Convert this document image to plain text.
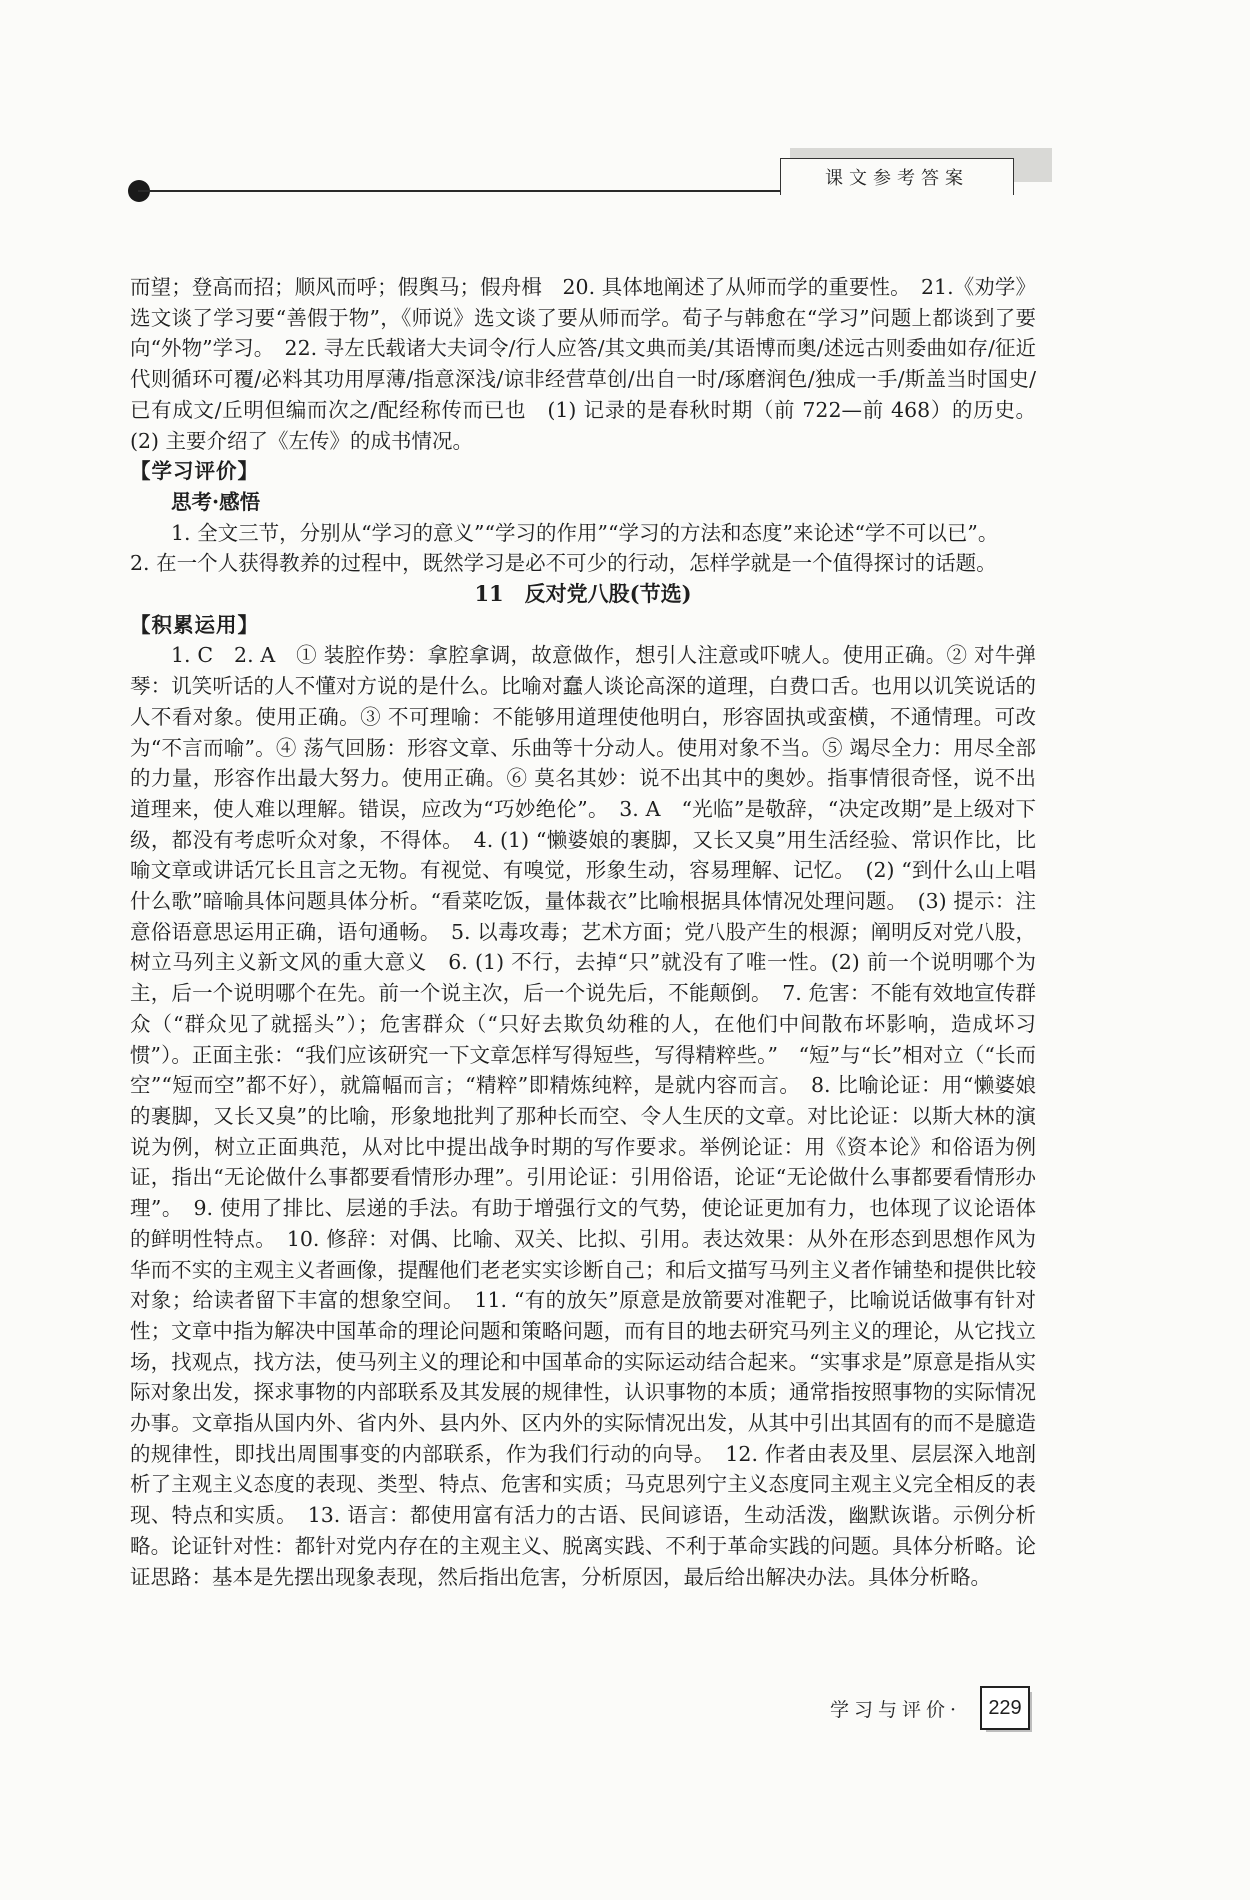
课文参考答案

而望；登高而招；顺风而呼；假舆马；假舟楫　20. 具体地阐述了从师而学的重要性。　21.《劝学》选文谈了学习要“善假于物”，《师说》选文谈了要从师而学。荀子与韩愈在“学习”问题上都谈到了要向“外物”学习。　22. 寻左氏载诸大夫词令/行人应答/其文典而美/其语博而奥/述远古则委曲如存/征近代则循环可覆/必料其功用厚薄/指意深浅/谅非经营草创/出自一时/琢磨润色/独成一手/斯盖当时国史/已有成文/丘明但编而次之/配经称传而已也　(1) 记录的是春秋时期（前 722—前 468）的历史。(2) 主要介绍了《左传》的成书情况。

【学习评价】

思考·感悟

1. 全文三节，分别从“学习的意义”“学习的作用”“学习的方法和态度”来论述“学不可以已”。

2. 在一个人获得教养的过程中，既然学习是必不可少的行动，怎样学就是一个值得探讨的话题。

11　反对党八股(节选)

【积累运用】

1. C　2. A　① 装腔作势：拿腔拿调，故意做作，想引人注意或吓唬人。使用正确。② 对牛弹琴：讥笑听话的人不懂对方说的是什么。比喻对蠢人谈论高深的道理，白费口舌。也用以讥笑说话的人不看对象。使用正确。③ 不可理喻：不能够用道理使他明白，形容固执或蛮横，不通情理。可改为“不言而喻”。④ 荡气回肠：形容文章、乐曲等十分动人。使用对象不当。⑤ 竭尽全力：用尽全部的力量，形容作出最大努力。使用正确。⑥ 莫名其妙：说不出其中的奥妙。指事情很奇怪，说不出道理来，使人难以理解。错误，应改为“巧妙绝伦”。　3. A　“光临”是敬辞，“决定改期”是上级对下级，都没有考虑听众对象，不得体。　4. (1) “懒婆娘的裹脚，又长又臭”用生活经验、常识作比，比喻文章或讲话冗长且言之无物。有视觉、有嗅觉，形象生动，容易理解、记忆。　(2) “到什么山上唱什么歌”暗喻具体问题具体分析。“看菜吃饭，量体裁衣”比喻根据具体情况处理问题。　(3) 提示：注意俗语意思运用正确，语句通畅。　5. 以毒攻毒；艺术方面；党八股产生的根源；阐明反对党八股，树立马列主义新文风的重大意义　6. (1) 不行，去掉“只”就没有了唯一性。(2) 前一个说明哪个为主，后一个说明哪个在先。前一个说主次，后一个说先后，不能颠倒。　7. 危害：不能有效地宣传群众（“群众见了就摇头”）；危害群众（“只好去欺负幼稚的人，在他们中间散布坏影响，造成坏习惯”）。正面主张：“我们应该研究一下文章怎样写得短些，写得精粹些。”　“短”与“长”相对立（“长而空”“短而空”都不好），就篇幅而言；“精粹”即精炼纯粹，是就内容而言。　8. 比喻论证：用“懒婆娘的裹脚，又长又臭”的比喻，形象地批判了那种长而空、令人生厌的文章。对比论证：以斯大林的演说为例，树立正面典范，从对比中提出战争时期的写作要求。举例论证：用《资本论》和俗语为例证，指出“无论做什么事都要看情形办理”。引用论证：引用俗语，论证“无论做什么事都要看情形办理”。　9. 使用了排比、层递的手法。有助于增强行文的气势，使论证更加有力，也体现了议论语体的鲜明性特点。　10. 修辞：对偶、比喻、双关、比拟、引用。表达效果：从外在形态到思想作风为华而不实的主观主义者画像，提醒他们老老实实诊断自己；和后文描写马列主义者作铺垫和提供比较对象；给读者留下丰富的想象空间。　11. “有的放矢”原意是放箭要对准靶子，比喻说话做事有针对性；文章中指为解决中国革命的理论问题和策略问题，而有目的地去研究马列主义的理论，从它找立场，找观点，找方法，使马列主义的理论和中国革命的实际运动结合起来。“实事求是”原意是指从实际对象出发，探求事物的内部联系及其发展的规律性，认识事物的本质；通常指按照事物的实际情况办事。文章指从国内外、省内外、县内外、区内外的实际情况出发，从其中引出其固有的而不是臆造的规律性，即找出周围事变的内部联系，作为我们行动的向导。　12. 作者由表及里、层层深入地剖析了主观主义态度的表现、类型、特点、危害和实质；马克思列宁主义态度同主观主义完全相反的表现、特点和实质。　13. 语言：都使用富有活力的古语、民间谚语，生动活泼，幽默诙谐。示例分析略。论证针对性：都针对党内存在的主观主义、脱离实践、不利于革命实践的问题。具体分析略。论证思路：基本是先摆出现象表现，然后指出危害，分析原因，最后给出解决办法。具体分析略。

学习与评价·	229
